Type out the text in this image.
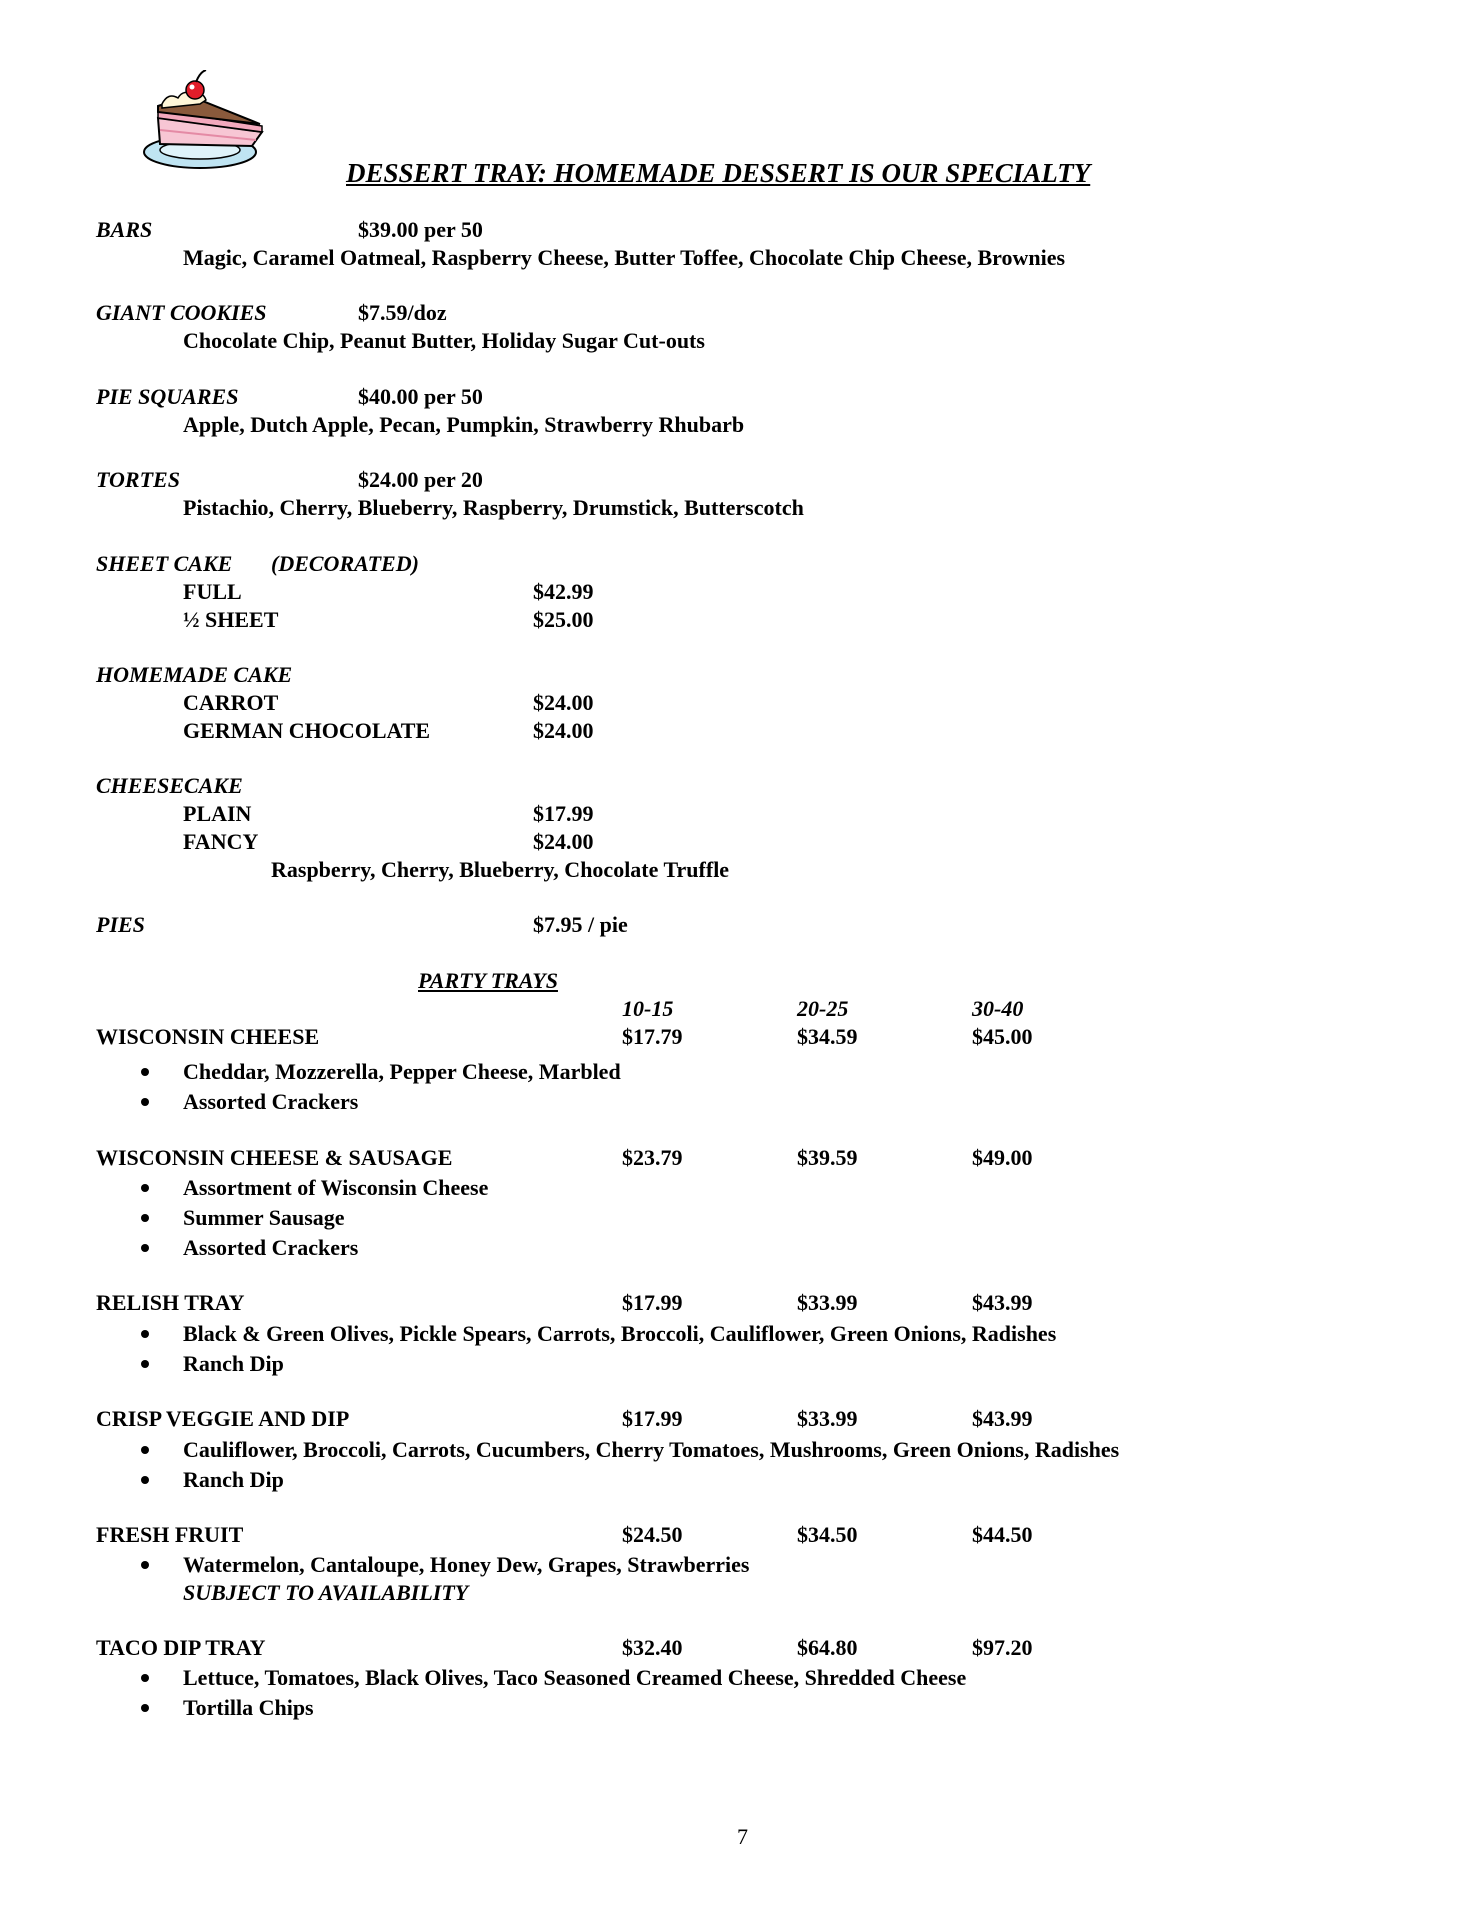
DESSERT TRAY: HOMEMADE DESSERT IS OUR SPECIALTY
BARS	$39.00 per 50
Magic, Caramel Oatmeal, Raspberry Cheese, Butter Toffee, Chocolate Chip Cheese, Brownies
GIANT COOKIES	$7.59/doz
Chocolate Chip, Peanut Butter, Holiday Sugar Cut-outs
PIE SQUARES	$40.00 per 50
Apple, Dutch Apple, Pecan, Pumpkin, Strawberry Rhubarb
TORTES	$24.00 per 20
Pistachio, Cherry, Blueberry, Raspberry, Drumstick, Butterscotch
SHEET CAKE (DECORATED)
FULL	$42.99
½ SHEET	$25.00
HOMEMADE CAKE
CARROT	$24.00
GERMAN CHOCOLATE	$24.00
CHEESECAKE
PLAIN	$17.99
FANCY	$24.00
Raspberry, Cherry, Blueberry, Chocolate Truffle
PIES	$7.95 / pie
PARTY TRAYS
10-15	20-25	30-40
WISCONSIN CHEESE	$17.79	$34.59	$45.00
Cheddar, Mozzerella, Pepper Cheese, Marbled
Assorted Crackers
WISCONSIN CHEESE & SAUSAGE	$23.79	$39.59	$49.00
Assortment of Wisconsin Cheese
Summer Sausage
Assorted Crackers
RELISH TRAY	$17.99	$33.99	$43.99
Black & Green Olives, Pickle Spears, Carrots, Broccoli, Cauliflower, Green Onions, Radishes
Ranch Dip
CRISP VEGGIE AND DIP	$17.99	$33.99	$43.99
Cauliflower, Broccoli, Carrots, Cucumbers, Cherry Tomatoes, Mushrooms, Green Onions, Radishes
Ranch Dip
FRESH FRUIT	$24.50	$34.50	$44.50
Watermelon, Cantaloupe, Honey Dew, Grapes, Strawberries
SUBJECT TO AVAILABILITY
TACO DIP TRAY	$32.40	$64.80	$97.20
Lettuce, Tomatoes, Black Olives, Taco Seasoned Creamed Cheese, Shredded Cheese
Tortilla Chips
7
